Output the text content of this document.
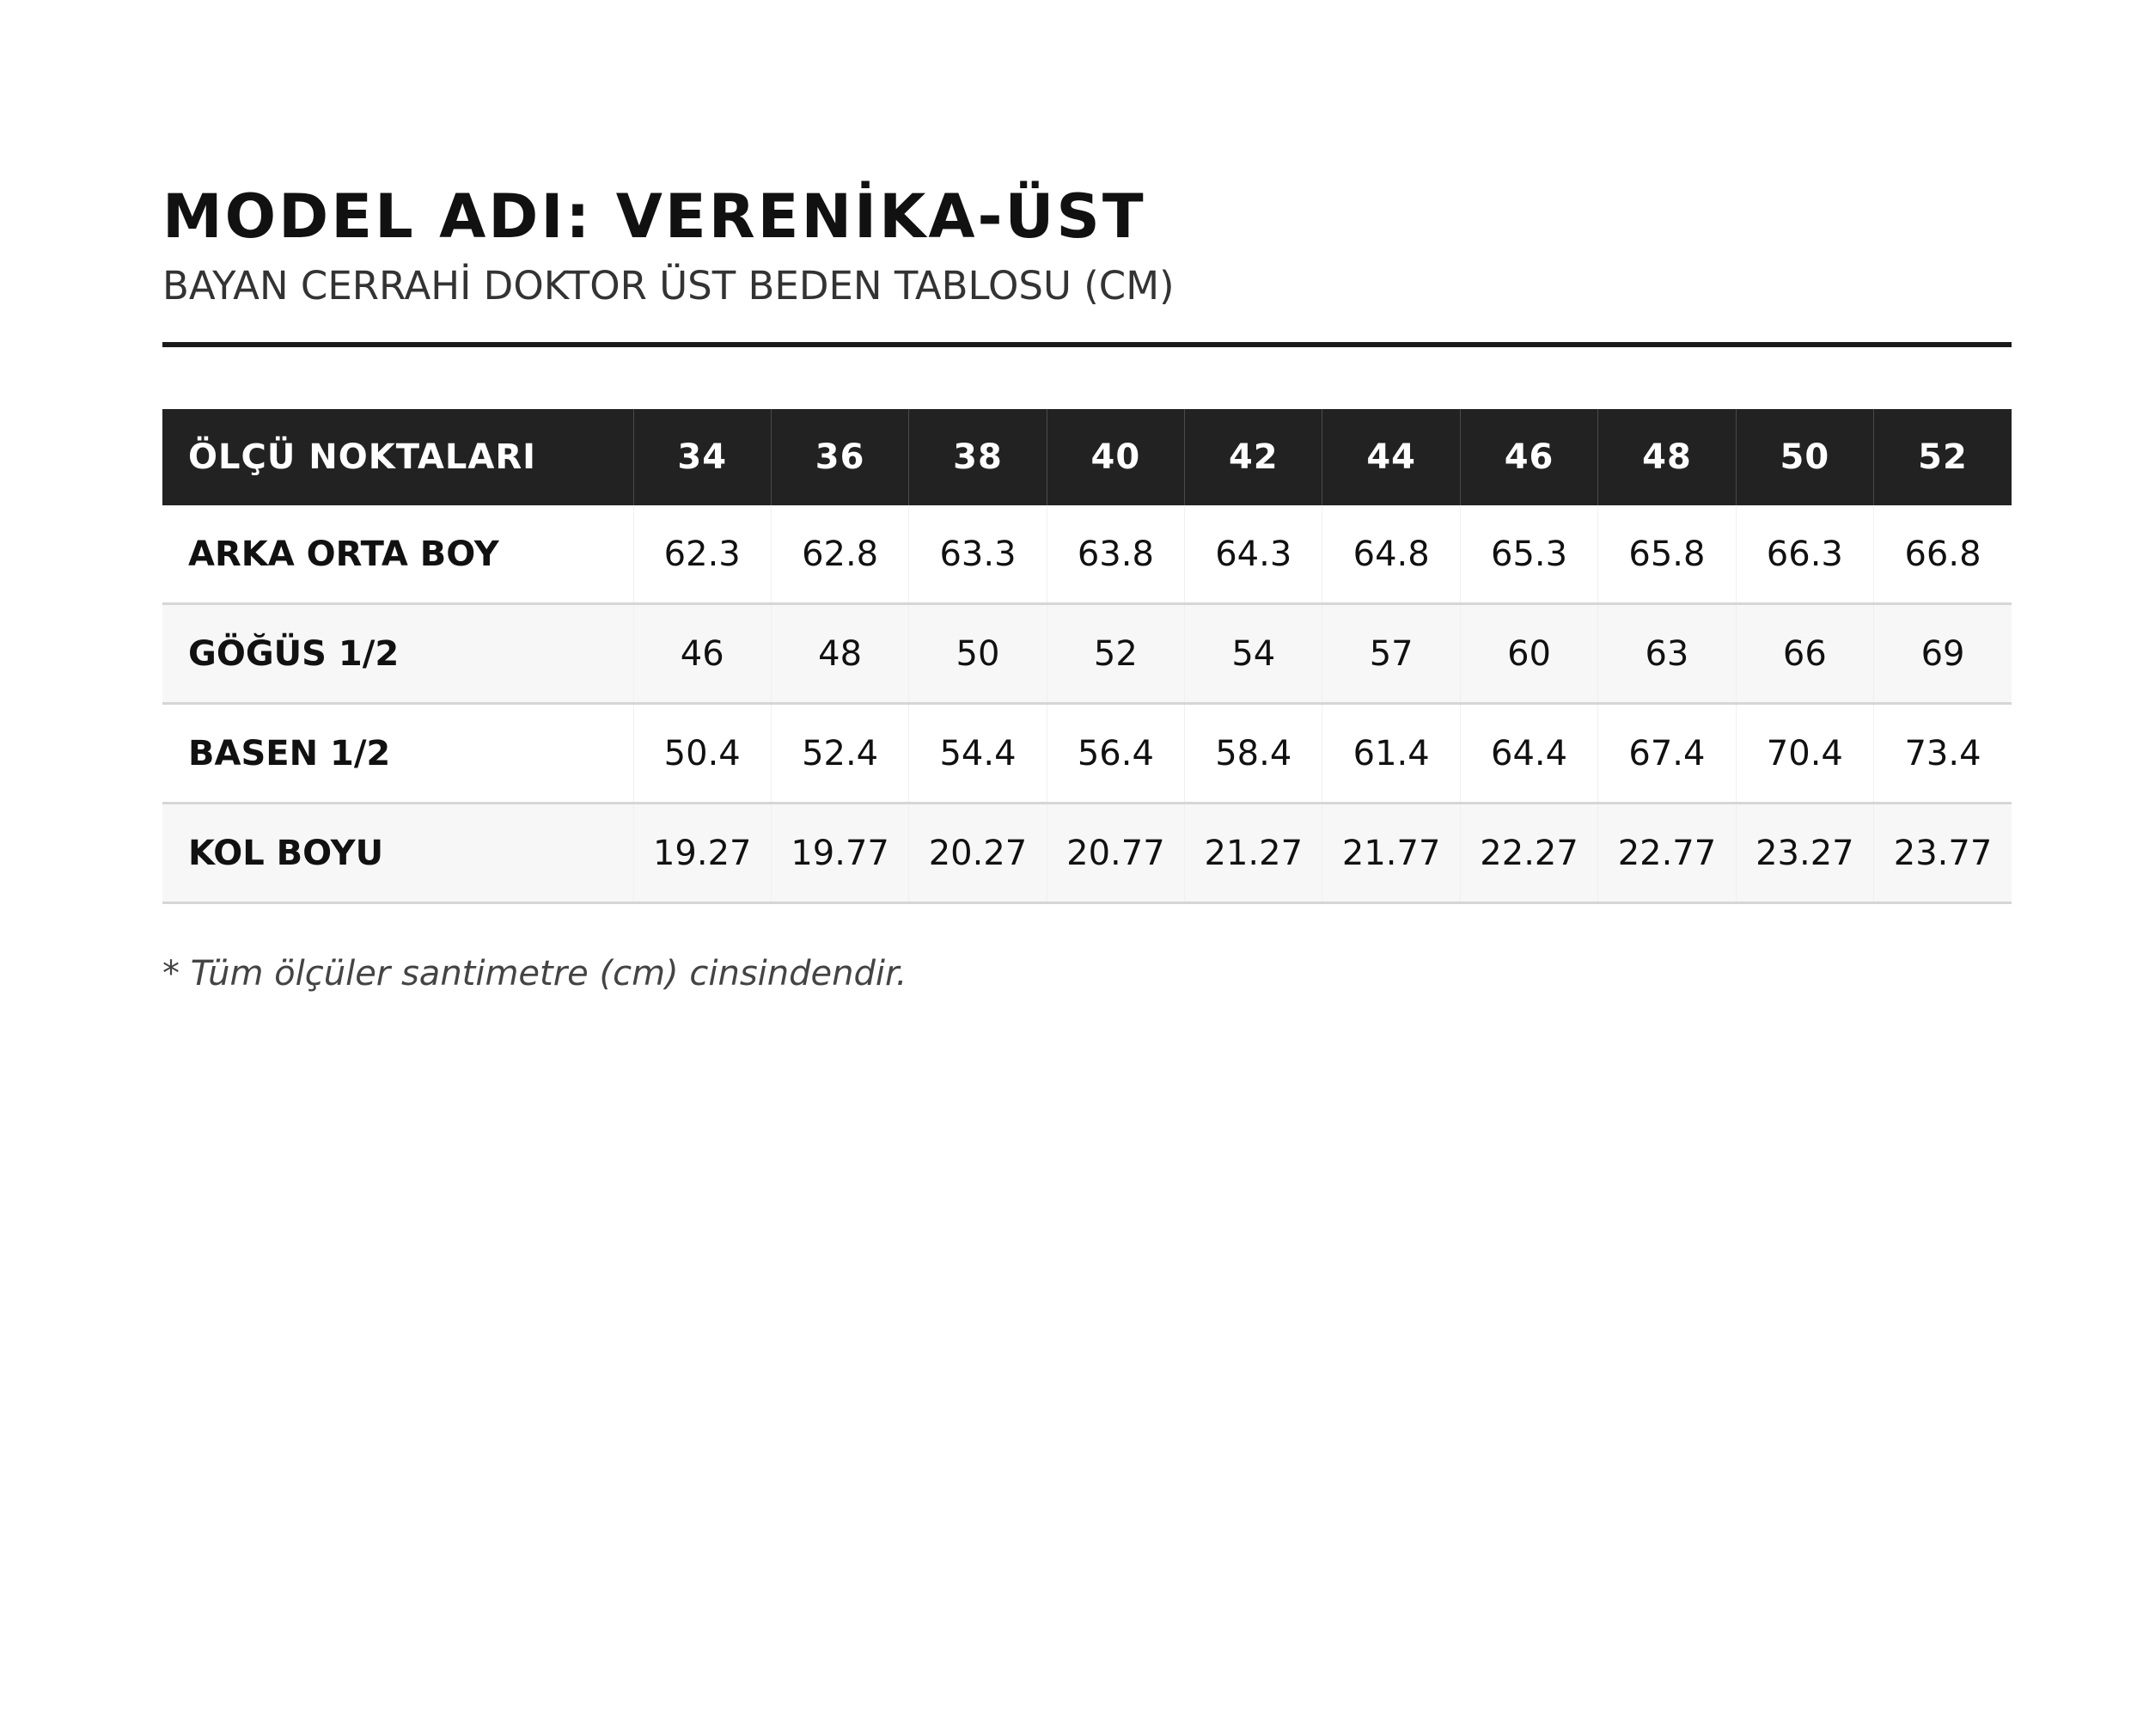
MODEL ADI: VERENİKA-ÜST
BAYAN CERRAHİ DOKTOR ÜST BEDEN TABLOSU (CM)
ÖLÇÜ NOKTALARI	34	36	38	40	42	44	46	48	50	52
ARKA ORTA BOY	62.3	62.8	63.3	63.8	64.3	64.8	65.3	65.8	66.3	66.8
GÖĞÜS 1/2	46	48	50	52	54	57	60	63	66	69
BASEN 1/2	50.4	52.4	54.4	56.4	58.4	61.4	64.4	67.4	70.4	73.4
KOL BOYU	19.27	19.77	20.27	20.77	21.27	21.77	22.27	22.77	23.27	23.77
* Tüm ölçüler santimetre (cm) cinsindendir.
